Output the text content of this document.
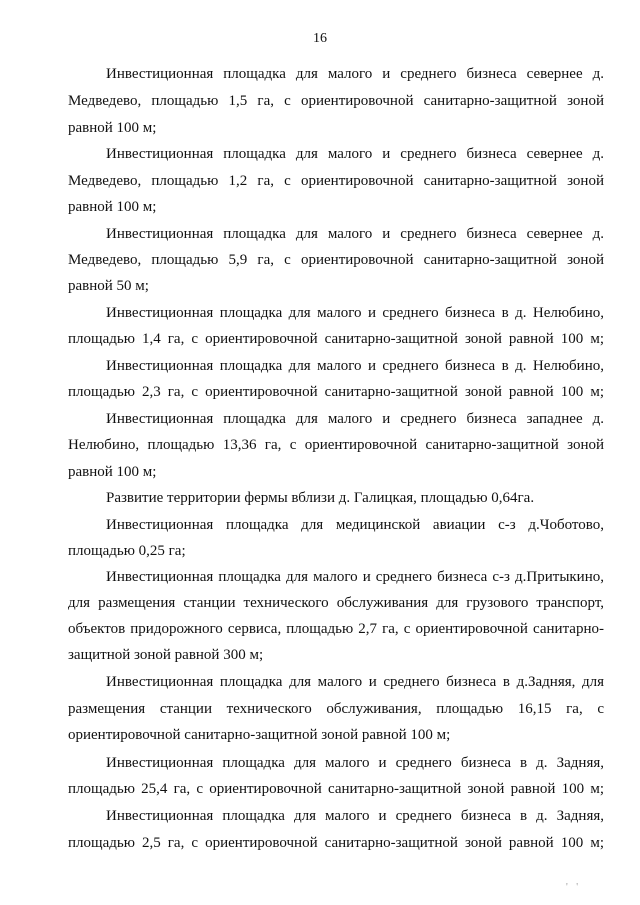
16
Инвестиционная площадка для малого и среднего бизнеса севернее д.
Медведево, площадью 1,5 га, с ориентировочной санитарно-защитной зоной
равной 100 м;
Инвестиционная площадка для малого и среднего бизнеса севернее д.
Медведево, площадью 1,2 га, с ориентировочной санитарно-защитной зоной
равной 100 м;
Инвестиционная площадка для малого и среднего бизнеса севернее д.
Медведево, площадью 5,9 га, с ориентировочной санитарно-защитной зоной
равной 50 м;
Инвестиционная площадка для малого и среднего бизнеса в д. Нелюбино,
площадью 1,4 га, с ориентировочной санитарно-защитной зоной равной 100 м;
Инвестиционная площадка для малого и среднего бизнеса в д. Нелюбино,
площадью 2,3 га, с ориентировочной санитарно-защитной зоной равной 100 м;
Инвестиционная площадка для малого и среднего бизнеса западнее д.
Нелюбино, площадью 13,36 га, с ориентировочной санитарно-защитной зоной
равной 100 м;
Развитие территории фермы вблизи д. Галицкая, площадью 0,64га.
Инвестиционная площадка для медицинской авиации с-з д.Чоботово,
площадью 0,25 га;
Инвестиционная площадка для малого и среднего бизнеса с-з д.Притыкино,
для размещения станции технического обслуживания для грузового транспорт,
объектов придорожного сервиса, площадью 2,7 га, с ориентировочной санитарно-
защитной зоной равной 300 м;
Инвестиционная площадка для малого и среднего бизнеса в д.Задняя, для
размещения станции технического обслуживания, площадью 16,15 га, с
ориентировочной санитарно-защитной зоной равной 100 м;
Инвестиционная площадка для малого и среднего бизнеса в д. Задняя,
площадью 25,4 га, с ориентировочной санитарно-защитной зоной равной 100 м;
Инвестиционная площадка для малого и среднего бизнеса в д. Задняя,
площадью 2,5 га, с ориентировочной санитарно-защитной зоной равной 100 м;
' '
